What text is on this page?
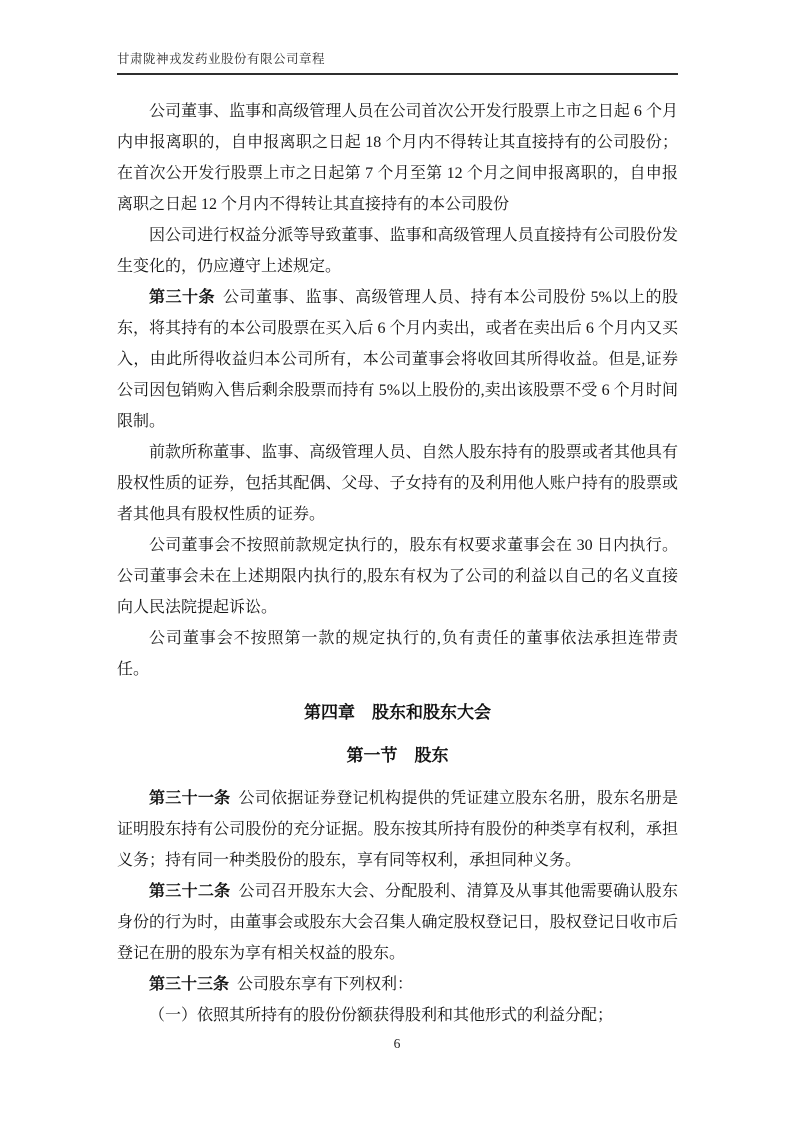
甘肃陇神戎发药业股份有限公司章程

公司董事、监事和高级管理人员在公司首次公开发行股票上市之日起 6 个月内申报离职的，自申报离职之日起 18 个月内不得转让其直接持有的公司股份；在首次公开发行股票上市之日起第 7 个月至第 12 个月之间申报离职的，自申报离职之日起 12 个月内不得转让其直接持有的本公司股份

因公司进行权益分派等导致董事、监事和高级管理人员直接持有公司股份发生变化的，仍应遵守上述规定。

第三十条 公司董事、监事、高级管理人员、持有本公司股份 5%以上的股东，将其持有的本公司股票在买入后 6 个月内卖出，或者在卖出后 6 个月内又买入，由此所得收益归本公司所有，本公司董事会将收回其所得收益。但是,证券公司因包销购入售后剩余股票而持有 5%以上股份的,卖出该股票不受 6 个月时间限制。

前款所称董事、监事、高级管理人员、自然人股东持有的股票或者其他具有股权性质的证券，包括其配偶、父母、子女持有的及利用他人账户持有的股票或者其他具有股权性质的证券。

公司董事会不按照前款规定执行的，股东有权要求董事会在 30 日内执行。公司董事会未在上述期限内执行的,股东有权为了公司的利益以自己的名义直接向人民法院提起诉讼。

公司董事会不按照第一款的规定执行的,负有责任的董事依法承担连带责任。

第四章　股东和股东大会

第一节　股东

第三十一条 公司依据证券登记机构提供的凭证建立股东名册，股东名册是证明股东持有公司股份的充分证据。股东按其所持有股份的种类享有权利，承担义务；持有同一种类股份的股东，享有同等权利，承担同种义务。

第三十二条 公司召开股东大会、分配股利、清算及从事其他需要确认股东身份的行为时，由董事会或股东大会召集人确定股权登记日，股权登记日收市后登记在册的股东为享有相关权益的股东。

第三十三条 公司股东享有下列权利：

（一）依照其所持有的股份份额获得股利和其他形式的利益分配；

6
